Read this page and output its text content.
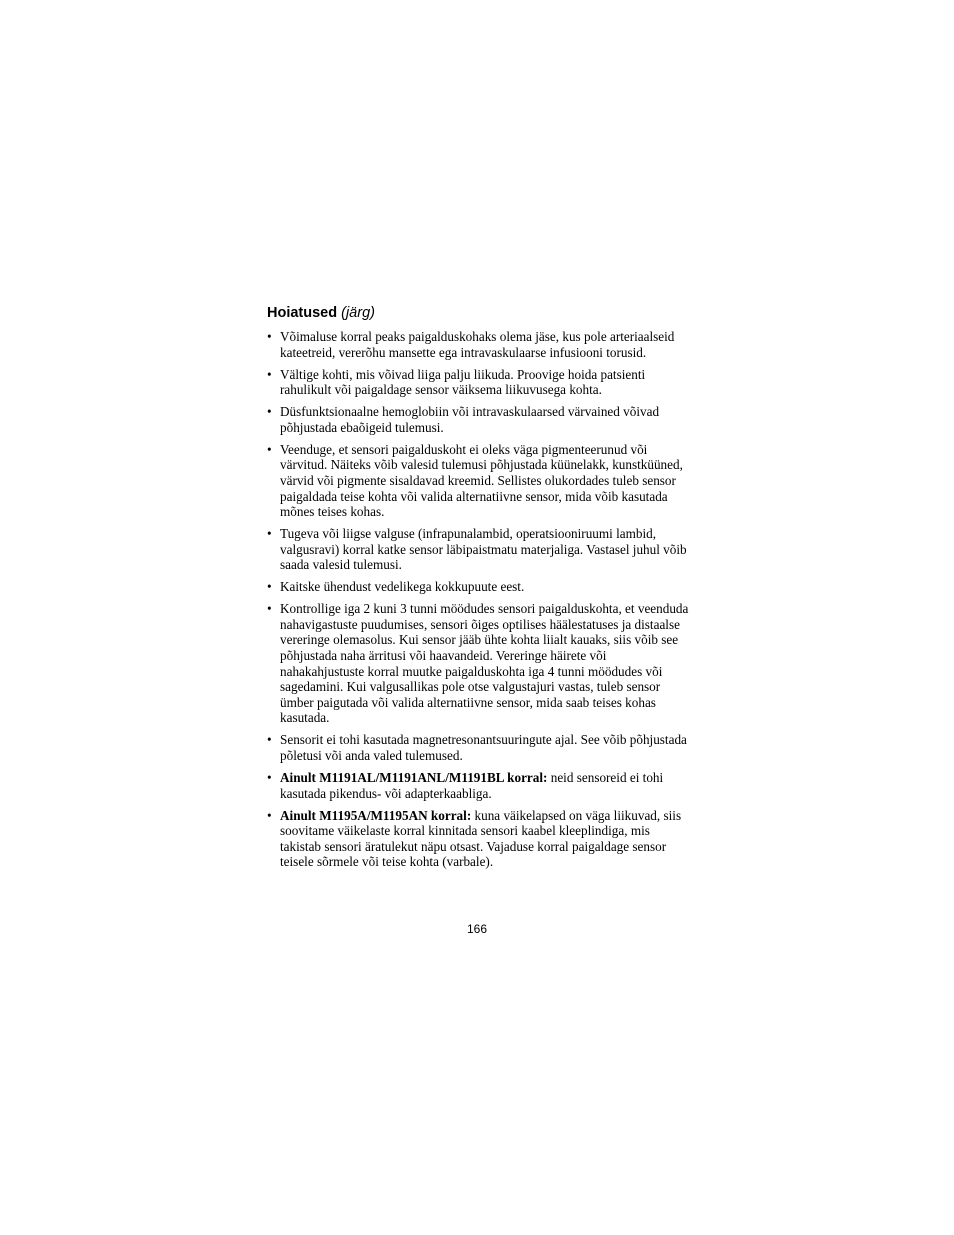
Hoiatused (järg)
• Võimaluse korral peaks paigalduskohaks olema jäse, kus pole arteriaalseid kateetreid, vererõhu mansette ega intravaskulaarse infusiooni torusid.
• Vältige kohti, mis võivad liiga palju liikuda. Proovige hoida patsienti rahulikult või paigaldage sensor väiksema liikuvusega kohta.
• Düsfunktsionaalne hemoglobiin või intravaskulaarsed värvained võivad põhjustada ebaõigeid tulemusi.
• Veenduge, et sensori paigalduskoht ei oleks väga pigmenteerunud või värvitud. Näiteks võib valesid tulemusi põhjustada küünelakk, kunstküüned, värvid või pigmente sisaldavad kreemid. Sellistes olukordades tuleb sensor paigaldada teise kohta või valida alternatiivne sensor, mida võib kasutada mõnes teises kohas.
• Tugeva või liigse valguse (infrapunalambid, operatsiooniruumi lambid, valgusravi) korral katke sensor läbipaistmatu materjaliga. Vastasel juhul võib saada valesid tulemusi.
• Kaitske ühendust vedelikega kokkupuute eest.
• Kontrollige iga 2 kuni 3 tunni möödudes sensori paigalduskohta, et veenduda nahavigastuste puudumises, sensori õiges optilises häälestatuses ja distaalse vereringe olemasolus. Kui sensor jääb ühte kohta liialt kauaks, siis võib see põhjustada naha ärritusi või haavandeid. Vereringe häirete või nahakahjustuste korral muutke paigalduskohta iga 4 tunni möödudes või sagedamini. Kui valgusallikas pole otse valgustajuri vastas, tuleb sensor ümber paigutada või valida alternatiivne sensor, mida saab teises kohas kasutada.
• Sensorit ei tohi kasutada magnetresonantsuuringute ajal. See võib põhjustada põletusi või anda valed tulemused.
• Ainult M1191AL/M1191ANL/M1191BL korral: neid sensoreid ei tohi kasutada pikendus- või adapterkaabliga.
• Ainult M1195A/M1195AN korral: kuna väikelapsed on väga liikuvad, siis soovitame väikelaste korral kinnitada sensori kaabel kleeplindiga, mis takistab sensori äratulekut näpu otsast. Vajaduse korral paigaldage sensor teisele sõrmele või teise kohta (varbale).
166
